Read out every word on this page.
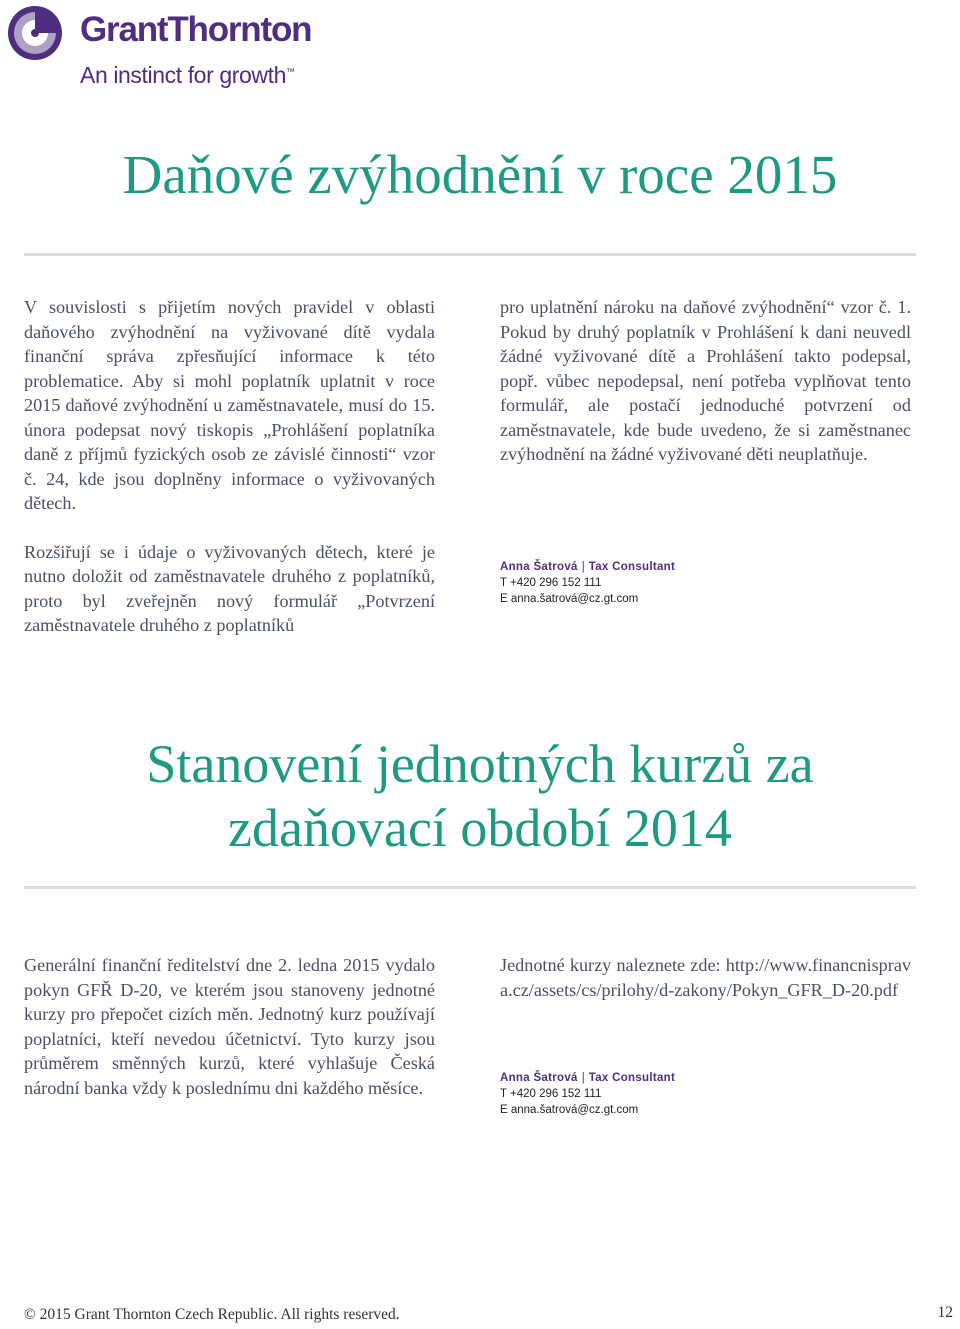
GrantThornton
An instinct for growth™
Daňové zvýhodnění v roce 2015

V souvislosti s přijetím nových pravidel v oblasti daňového zvýhodnění na vyživované dítě vydala finanční správa zpřesňující informace k této problematice. Aby si mohl poplatník uplatnit v roce 2015 daňové zvýhodnění u zaměstnavatele, musí do 15. února podepsat nový tiskopis „Prohlášení poplatníka daně z příjmů fyzických osob ze závislé činnosti“ vzor č. 24, kde jsou doplněny informace o vyživovaných dětech.

Rozšiřují se i údaje o vyživovaných dětech, které je nutno doložit od zaměstnavatele druhého z poplatníků, proto byl zveřejněn nový formulář „Potvrzení zaměstnavatele druhého z poplatníků

pro uplatnění nároku na daňové zvýhodnění“ vzor č. 1. Pokud by druhý poplatník v Prohlášení k dani neuvedl žádné vyživované dítě a Prohlášení takto podepsal, popř. vůbec nepodepsal, není potřeba vyplňovat tento formulář, ale postačí jednoduché potvrzení od zaměstnavatele, kde bude uvedeno, že si zaměstnanec zvýhodnění na žádné vyživované děti neuplatňuje.

Anna Šatrová | Tax Consultant
T +420 296 152 111
E anna.šatrová@cz.gt.com
Stanovení jednotných kurzů za
zdaňovací období 2014

Generální finanční ředitelství dne 2. ledna 2015 vydalo pokyn GFŘ D-20, ve kterém jsou stanoveny jednotné kurzy pro přepočet cizích měn. Jednotný kurz používají poplatníci, kteří nevedou účetnictví. Tyto kurzy jsou průměrem směnných kurzů, které vyhlašuje Česká národní banka vždy k poslednímu dni každého měsíce.

Jednotné kurzy naleznete zde: http://www.financnisprava.cz/assets/cs/prilohy/d-zakony/Pokyn_GFR_D-20.pdf

Anna Šatrová | Tax Consultant
T +420 296 152 111
E anna.šatrová@cz.gt.com
© 2015 Grant Thornton Czech Republic. All rights reserved.	12
